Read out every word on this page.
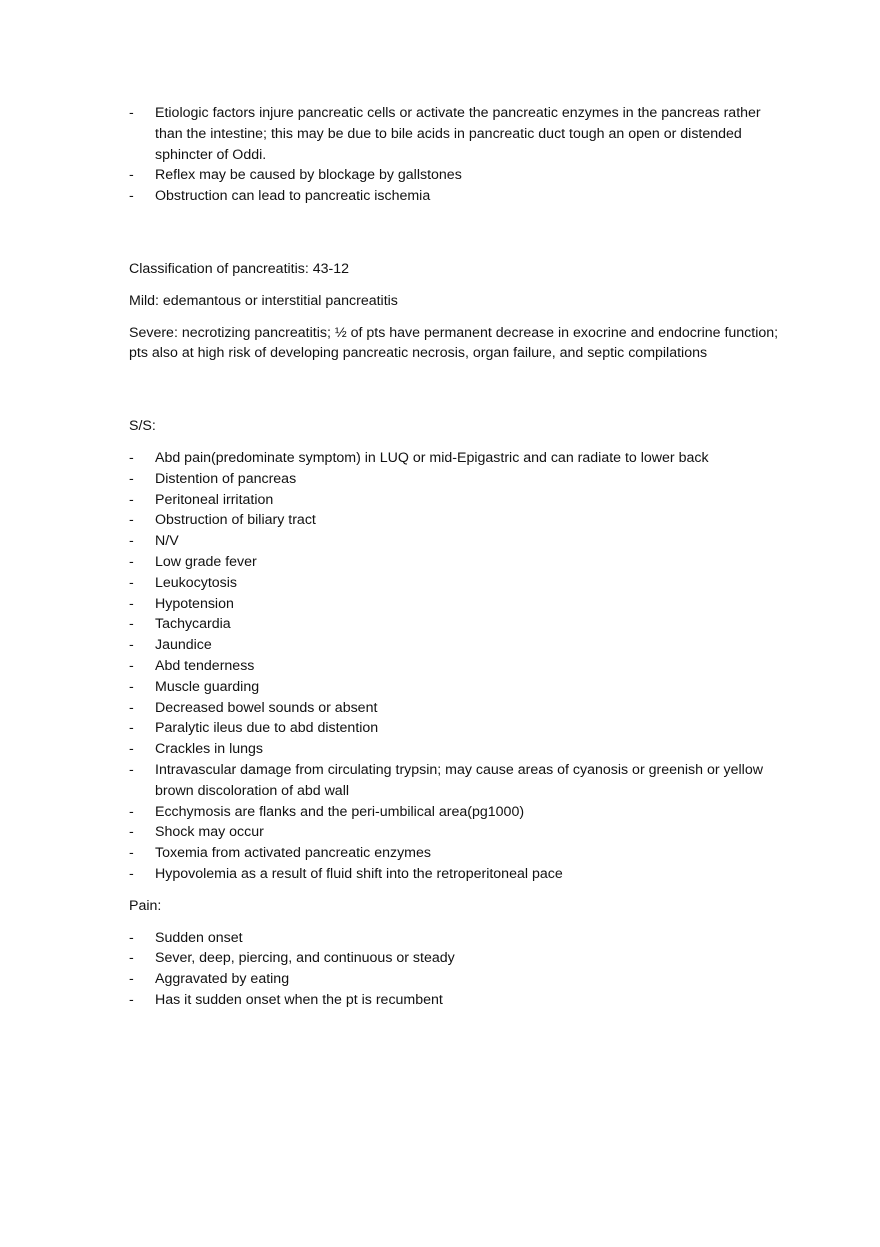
- Etiologic factors injure pancreatic cells or activate the pancreatic enzymes in the pancreas rather than the intestine; this may be due to bile acids in pancreatic duct tough an open or distended sphincter of Oddi.
- Reflex may be caused by blockage by gallstones
- Obstruction can lead to pancreatic ischemia

Classification of pancreatitis: 43-12

Mild: edemantous or interstitial pancreatitis

Severe: necrotizing pancreatitis; ½ of pts have permanent decrease in exocrine and endocrine function; pts also at high risk of developing pancreatic necrosis, organ failure, and septic compilations

S/S:

- Abd pain(predominate symptom) in LUQ or mid-Epigastric and can radiate to lower back
- Distention of pancreas
- Peritoneal irritation
- Obstruction of biliary tract
- N/V
- Low grade fever
- Leukocytosis
- Hypotension
- Tachycardia
- Jaundice
- Abd tenderness
- Muscle guarding
- Decreased bowel sounds or absent
- Paralytic ileus due to abd distention
- Crackles in lungs
- Intravascular damage from circulating trypsin; may cause areas of cyanosis or greenish or yellow brown discoloration of abd wall
- Ecchymosis are flanks and the peri-umbilical area(pg1000)
- Shock may occur
- Toxemia from activated pancreatic enzymes
- Hypovolemia as a result of fluid shift into the retroperitoneal pace

Pain:

- Sudden onset
- Sever, deep, piercing, and continuous or steady
- Aggravated by eating
- Has it sudden onset when the pt is recumbent
